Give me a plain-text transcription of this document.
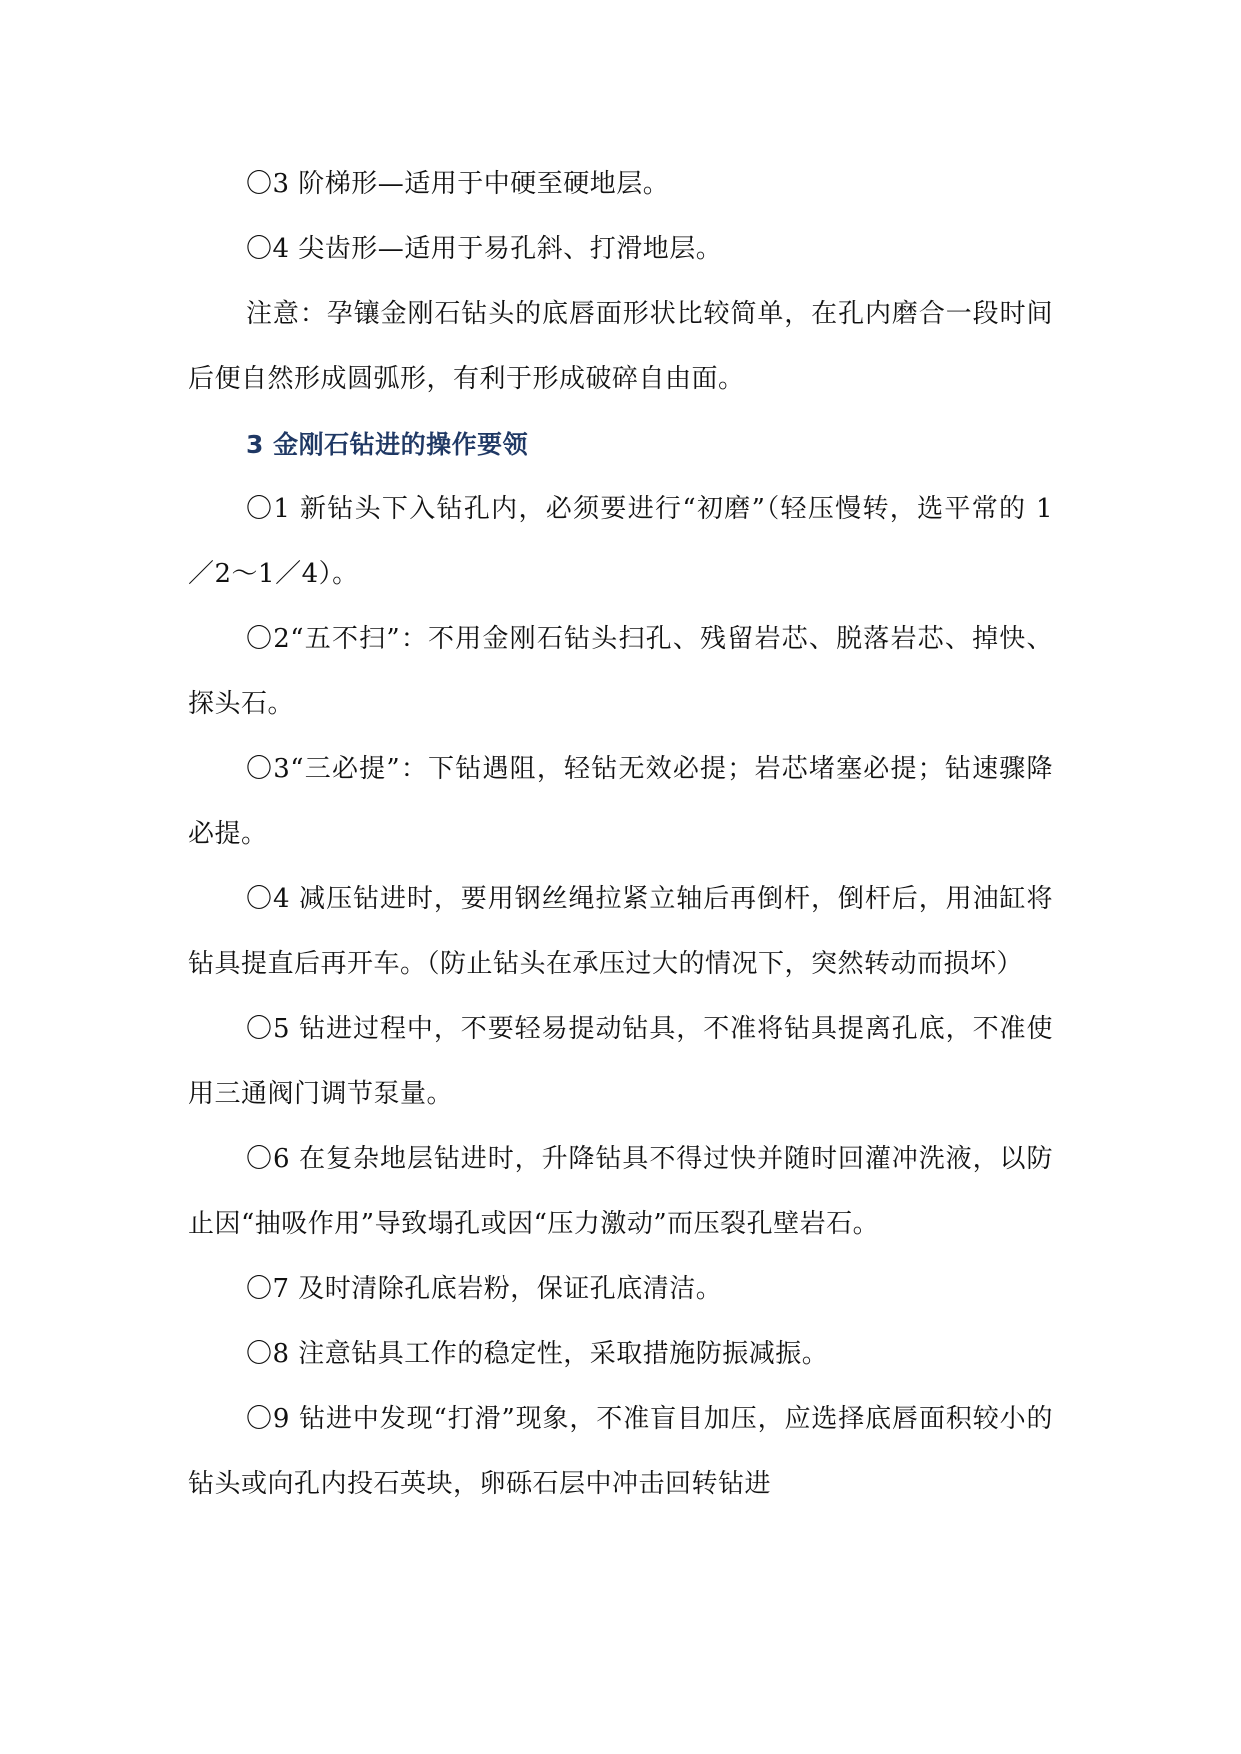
〇3 阶梯形—适用于中硬至硬地层。

〇4 尖齿形—适用于易孔斜、打滑地层。

注意：孕镶金刚石钻头的底唇面形状比较简单，在孔内磨合一段时间后便自然形成圆弧形，有利于形成破碎自由面。

3 金刚石钻进的操作要领

〇1 新钻头下入钻孔内，必须要进行“初磨”（轻压慢转，选平常的 1／2～1／4）。

〇2“五不扫”：不用金刚石钻头扫孔、残留岩芯、脱落岩芯、掉快、探头石。

〇3“三必提”：下钻遇阻，轻钻无效必提；岩芯堵塞必提；钻速骤降必提。

〇4 减压钻进时，要用钢丝绳拉紧立轴后再倒杆，倒杆后，用油缸将钻具提直后再开车。（防止钻头在承压过大的情况下，突然转动而损坏）

〇5 钻进过程中，不要轻易提动钻具，不准将钻具提离孔底，不准使用三通阀门调节泵量。

〇6 在复杂地层钻进时，升降钻具不得过快并随时回灌冲洗液，以防止因“抽吸作用”导致塌孔或因“压力激动”而压裂孔壁岩石。

〇7 及时清除孔底岩粉，保证孔底清洁。

〇8 注意钻具工作的稳定性，采取措施防振减振。

〇9 钻进中发现“打滑”现象，不准盲目加压，应选择底唇面积较小的钻头或向孔内投石英块，卵砾石层中冲击回转钻进
